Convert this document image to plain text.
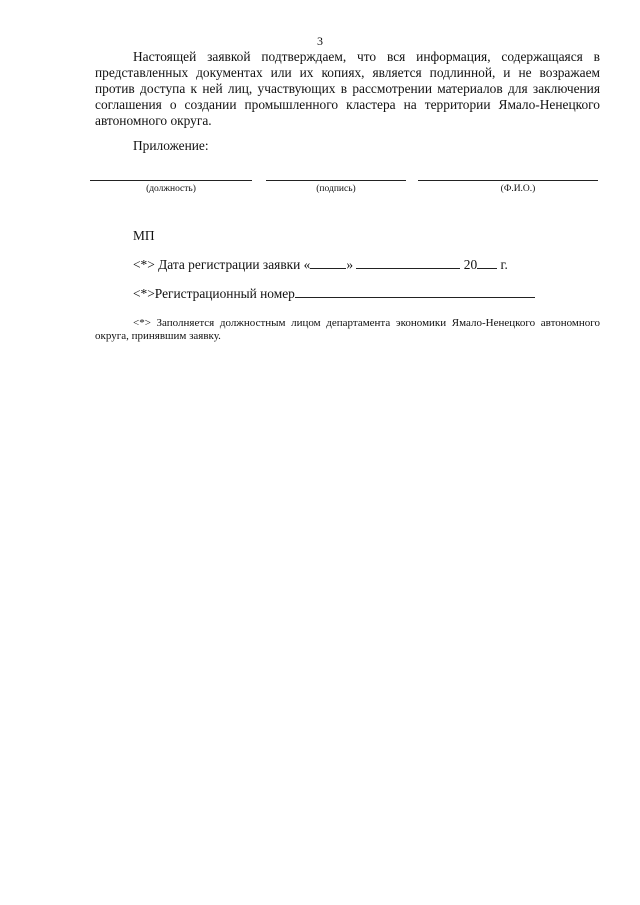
3

Настоящей заявкой подтверждаем, что вся информация, содержащаяся в представленных документах или их копиях, является подлинной, и не возражаем против доступа к ней лиц, участвующих в рассмотрении материалов для заключения соглашения о создании промышленного кластера на территории Ямало-Ненецкого автономного округа.

Приложение:
(должность)	(подпись)	(Ф.И.О.)
МП
<*> Дата регистрации заявки «	»	20 г.
<*>Регистрационный номер

<*> Заполняется должностным лицом департамента экономики Ямало-Ненецкого автономного округа, принявшим заявку.
